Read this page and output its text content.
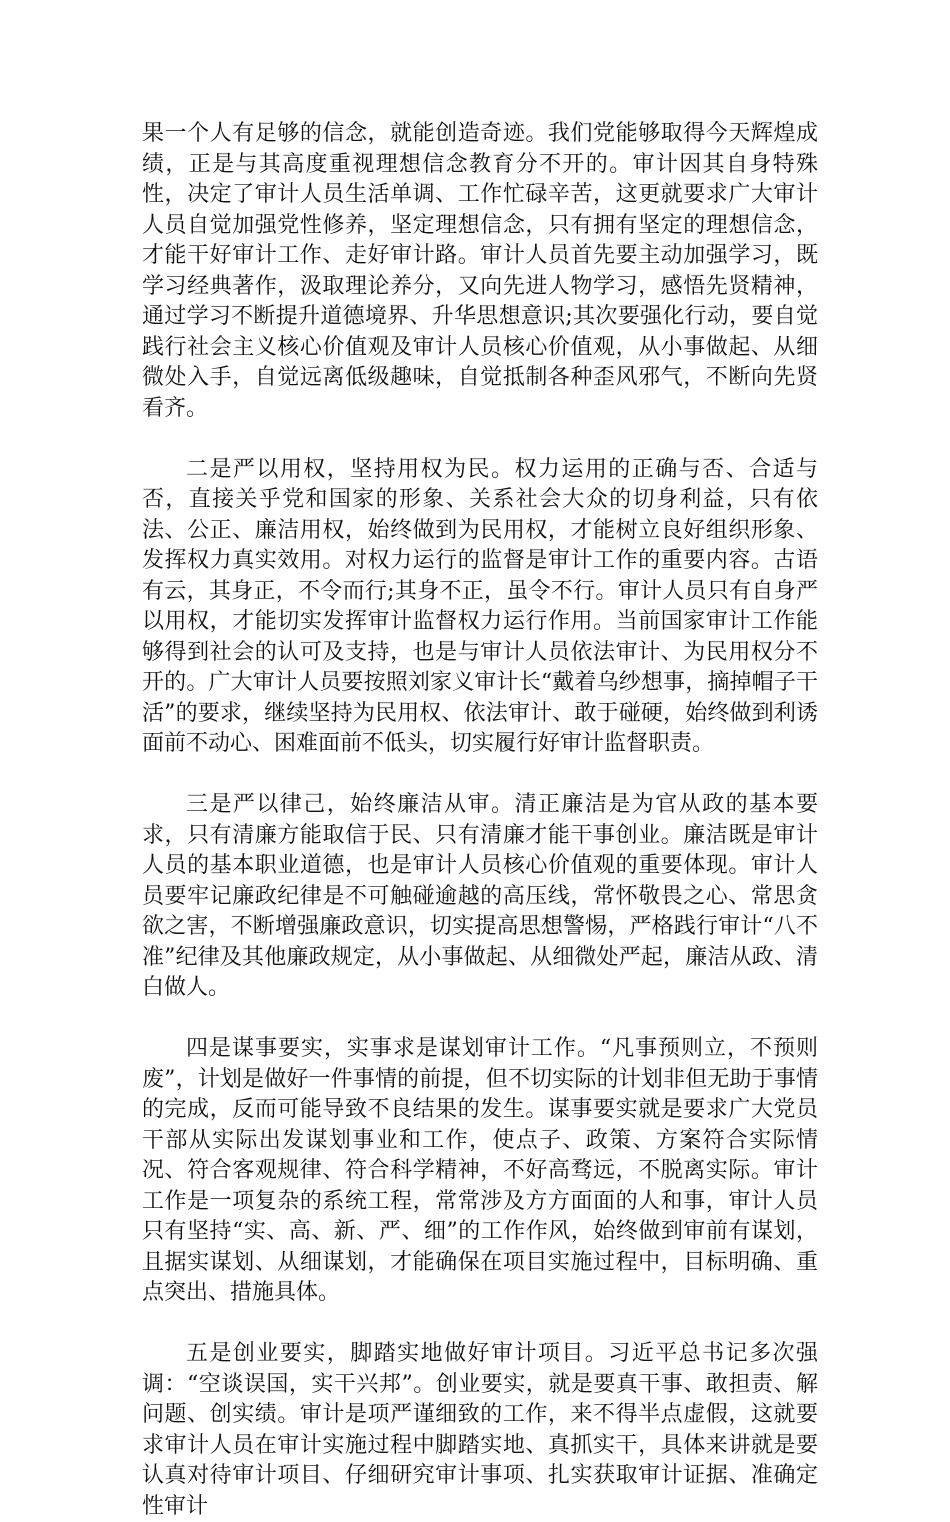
果一个人有足够的信念，就能创造奇迹。我们党能够取得今天辉煌成绩，正是与其高度重视理想信念教育分不开的。审计因其自身特殊性，决定了审计人员生活单调、工作忙碌辛苦，这更就要求广大审计人员自觉加强党性修养，坚定理想信念，只有拥有坚定的理想信念，才能干好审计工作、走好审计路。审计人员首先要主动加强学习，既学习经典著作，汲取理论养分，又向先进人物学习，感悟先贤精神，通过学习不断提升道德境界、升华思想意识;其次要强化行动，要自觉践行社会主义核心价值观及审计人员核心价值观，从小事做起、从细微处入手，自觉远离低级趣味，自觉抵制各种歪风邪气，不断向先贤看齐。

二是严以用权，坚持用权为民。权力运用的正确与否、合适与否，直接关乎党和国家的形象、关系社会大众的切身利益，只有依法、公正、廉洁用权，始终做到为民用权，才能树立良好组织形象、发挥权力真实效用。对权力运行的监督是审计工作的重要内容。古语有云，其身正，不令而行;其身不正，虽令不行。审计人员只有自身严以用权，才能切实发挥审计监督权力运行作用。当前国家审计工作能够得到社会的认可及支持，也是与审计人员依法审计、为民用权分不开的。广大审计人员要按照刘家义审计长“戴着乌纱想事，摘掉帽子干活”的要求，继续坚持为民用权、依法审计、敢于碰硬，始终做到利诱面前不动心、困难面前不低头，切实履行好审计监督职责。

三是严以律己，始终廉洁从审。清正廉洁是为官从政的基本要求，只有清廉方能取信于民、只有清廉才能干事创业。廉洁既是审计人员的基本职业道德，也是审计人员核心价值观的重要体现。审计人员要牢记廉政纪律是不可触碰逾越的高压线，常怀敬畏之心、常思贪欲之害，不断增强廉政意识，切实提高思想警惕，严格践行审计“八不准”纪律及其他廉政规定，从小事做起、从细微处严起，廉洁从政、清白做人。

四是谋事要实，实事求是谋划审计工作。“凡事预则立，不预则废”，计划是做好一件事情的前提，但不切实际的计划非但无助于事情的完成，反而可能导致不良结果的发生。谋事要实就是要求广大党员干部从实际出发谋划事业和工作，使点子、政策、方案符合实际情况、符合客观规律、符合科学精神，不好高骛远，不脱离实际。审计工作是一项复杂的系统工程，常常涉及方方面面的人和事，审计人员只有坚持“实、高、新、严、细”的工作作风，始终做到审前有谋划，且据实谋划、从细谋划，才能确保在项目实施过程中，目标明确、重点突出、措施具体。

五是创业要实，脚踏实地做好审计项目。习近平总书记多次强调：“空谈误国，实干兴邦”。创业要实，就是要真干事、敢担责、解问题、创实绩。审计是项严谨细致的工作，来不得半点虚假，这就要求审计人员在审计实施过程中脚踏实地、真抓实干，具体来讲就是要认真对待审计项目、仔细研究审计事项、扎实获取审计证据、准确定性审计
